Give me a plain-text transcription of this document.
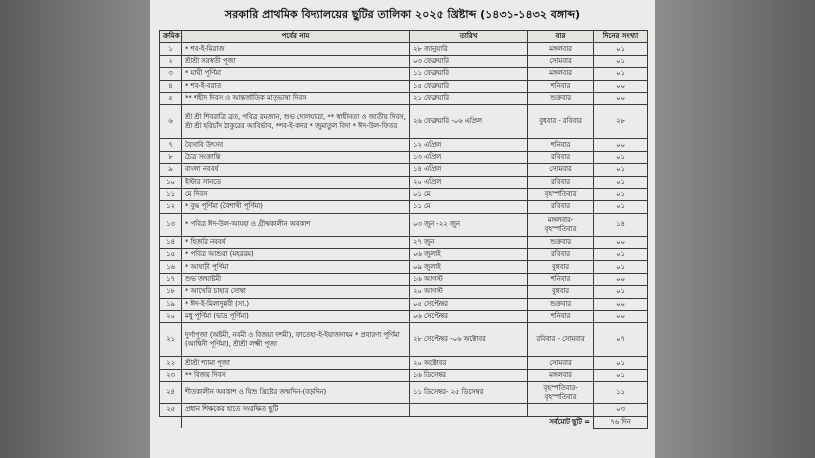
সরকারি প্রাথমিক বিদ্যালয়ের ছুটির তালিকা ২০২৫ খ্রিষ্টাব্দ (১৪৩১-১৪৩২ বঙ্গাব্দ)
ক্রমিক	পর্বের নাম	তারিখ	বার	দিনের সংখ্যা
১	* শব-ই-মিরাজ	২৮ জানুয়ারি	মঙ্গলবার	০১
২	শ্রীশ্রী সরস্বতী পূজা	০৩ ফেব্রুয়ারি	সোমবার	০১
৩	* মাঘী পূর্ণিমা	১১ ফেব্রুয়ারি	মঙ্গলবার	০১
৪	* শব-ই-বরাত	১৫ ফেব্রুয়ারি	শনিবার	০০
৫	** শহীদ দিবস ও আন্তর্জাতিক মাতৃভাষা দিবস	২১ ফেব্রুয়ারি	শুক্রবার	০০
৬	শ্রী শ্রী শিবরাত্রি ব্রত, পবিত্র রমজান, শুভ দোলযাত্রা, ** স্বাধীনতা ও জাতীয় দিবস, শ্রী শ্রী হরিচাঁদ ঠাকুরের আবির্ভাব, *শব-ই-কদর * জুমাতুল বিদা * ঈদ-উল-ফিতর	২৬ ফেব্রুয়ারি -০৬ এপ্রিল	বুধবার - রবিবার	২৮
৭	বৈসাবি উৎসব	১২ এপ্রিল	শনিবার	০০
৮	চৈত্র সংক্রান্তি	১৩ এপ্রিল	রবিবার	০১
৯	বাংলা নববর্ষ	১৪ এপ্রিল	সোমবার	০১
১০	ইস্টার সানডে	২০ এপ্রিল	রবিবার	০১
১১	মে দিবস	০১ মে	বৃহস্পতিবার	০১
১২	* বুদ্ধ পূর্ণিমা (বৈশাখী পূর্ণিমা)	১১ মে	রবিবার	০১
১৩	* পবিত্র ঈদ-উল-আযহা ও গ্রীষ্মকালীন অবকাশ	০৩ জুন -২২ জুন	মঙ্গলবার- বৃহস্পতিবার	১৪
১৪	* হিজরি নববর্ষ	২৭ জুন	শুক্রবার	০০
১৫	* পবিত্র আশুরা (মহররম)	০৬ জুলাই	রবিবার	০১
১৬	* আষাঢ়ী পূর্ণিমা	০৯ জুলাই	বুধবার	০১
১৭	শুভ জন্মাষ্টমী	১৬ আগস্ট	শনিবার	০০
১৮	* আখেরি চাহার সোম্বা	২০ আগস্ট	বুধবার	০১
১৯	* ঈদ-ই-মিলাদুন্নবী (সা.)	০৫ সেপ্টেম্বর	শুক্রবার	০০
২০	মধু পূর্ণিমা (ভাদ্র পূর্ণিমা)	০৬ সেপ্টেম্বর	শনিবার	০০
২১	দুর্গাপূজা (অষ্টমী, নবমী ও বিজয়া দশমী), ফাতেহা-ই-ইয়াজদাহম * প্রবারণা পূর্ণিমা (আশ্বিনী পূর্ণিমা), শ্রীশ্রী লক্ষ্মী পূজা	২৮ সেপ্টেম্বর -০৬ অক্টোবর	রবিবার - সোমবার	০৭
২২	শ্রীশ্রী শ্যামা পূজা	২০ অক্টোবর	সোমবার	০১
২৩	** বিজয় দিবস	১৬ ডিসেম্বর	মঙ্গলবার	০১
২৪	শীতকালীন অবকাশ ও যিশু খ্রিষ্টের জন্মদিন-(বড়দিন)	১১ ডিসেম্বর- ২৫ ডিসেম্বর	বৃহস্পতিবার- বৃহস্পতিবার	১১
২৫	প্রধান শিক্ষকের হাতে সংরক্ষিত ছুটি			০৩
	সর্বমোট ছুটি =			৭৬ দিন
